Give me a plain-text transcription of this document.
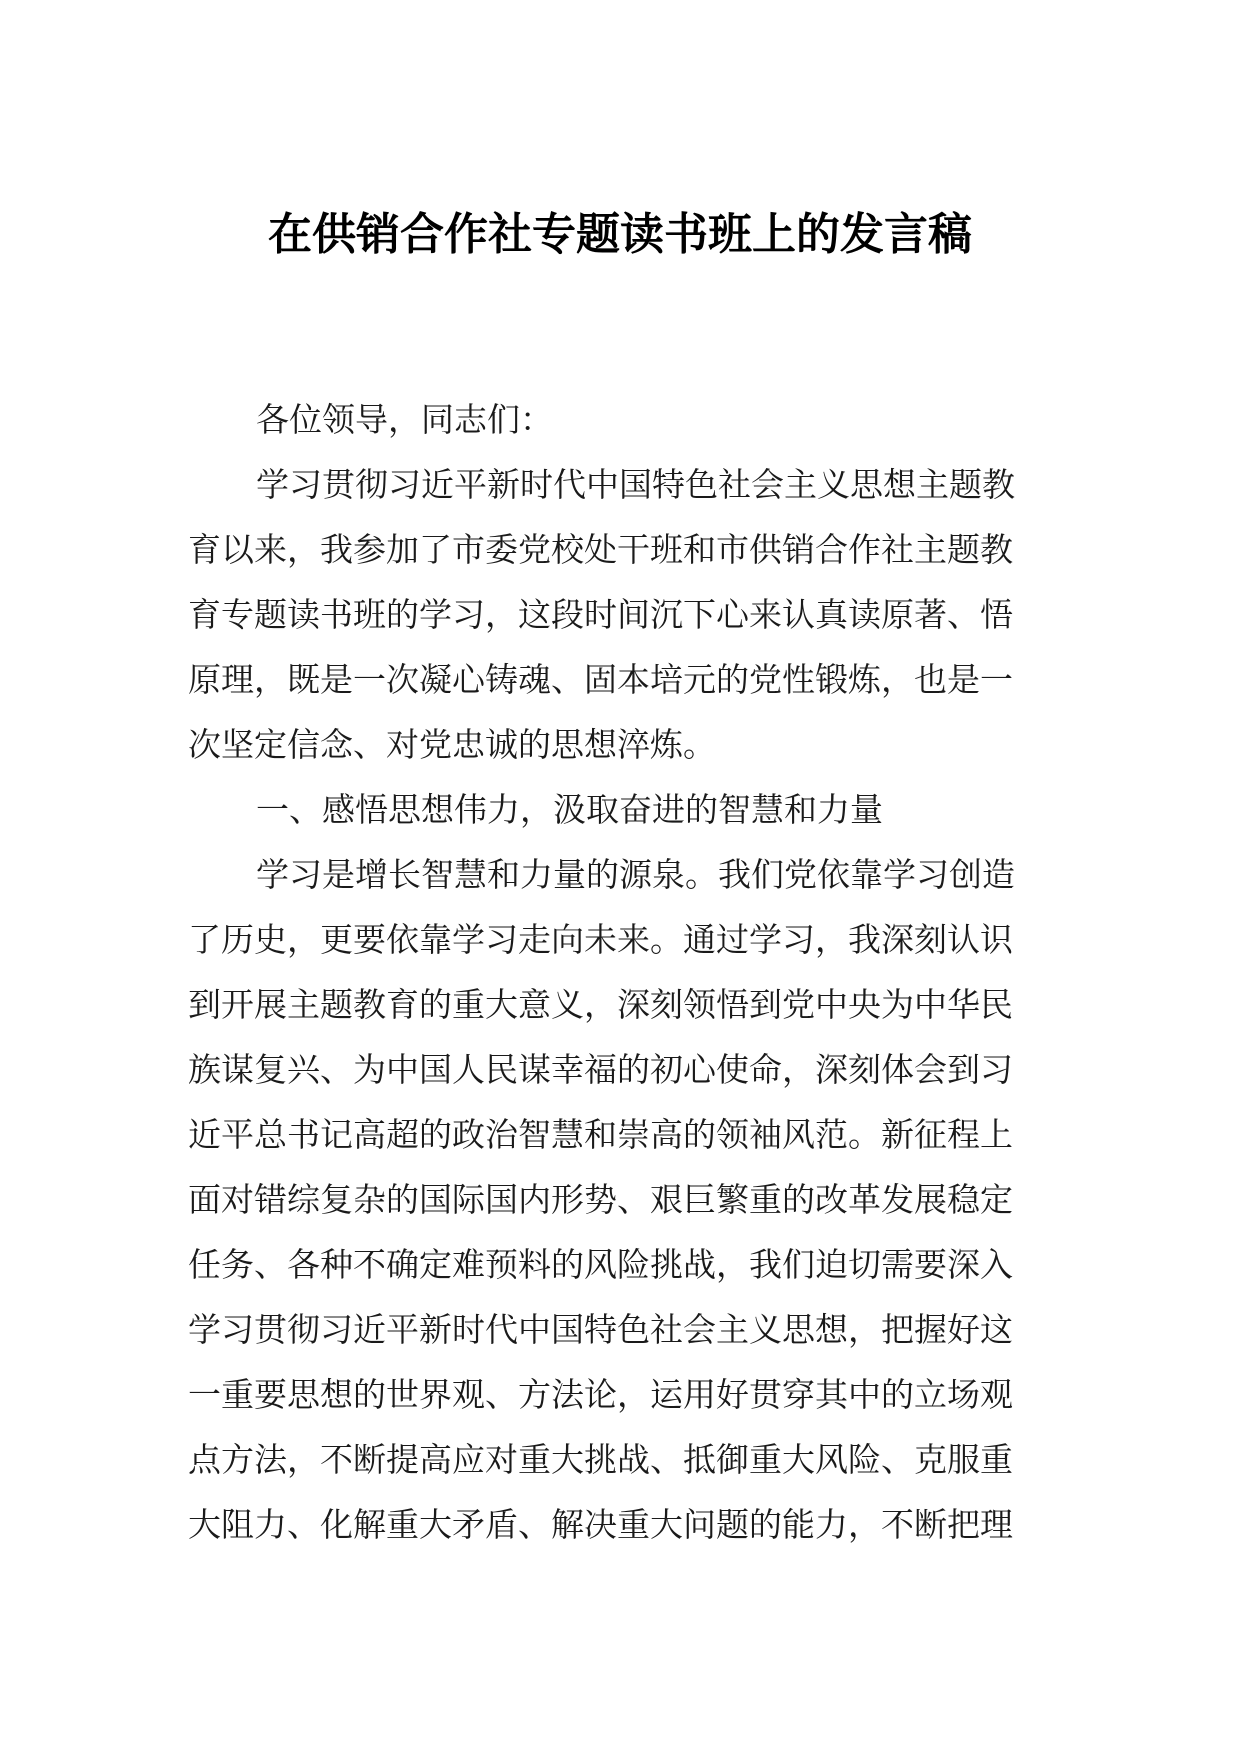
在供销合作社专题读书班上的发言稿
各位领导，同志们：
学习贯彻习近平新时代中国特色社会主义思想主题教
育以来，我参加了市委党校处干班和市供销合作社主题教
育专题读书班的学习，这段时间沉下心来认真读原著、悟
原理，既是一次凝心铸魂、固本培元的党性锻炼，也是一
次坚定信念、对党忠诚的思想淬炼。
一、感悟思想伟力，汲取奋进的智慧和力量
学习是增长智慧和力量的源泉。我们党依靠学习创造
了历史，更要依靠学习走向未来。通过学习，我深刻认识
到开展主题教育的重大意义，深刻领悟到党中央为中华民
族谋复兴、为中国人民谋幸福的初心使命，深刻体会到习
近平总书记高超的政治智慧和崇高的领袖风范。新征程上
面对错综复杂的国际国内形势、艰巨繁重的改革发展稳定
任务、各种不确定难预料的风险挑战，我们迫切需要深入
学习贯彻习近平新时代中国特色社会主义思想，把握好这
一重要思想的世界观、方法论，运用好贯穿其中的立场观
点方法，不断提高应对重大挑战、抵御重大风险、克服重
大阻力、化解重大矛盾、解决重大问题的能力，不断把理
